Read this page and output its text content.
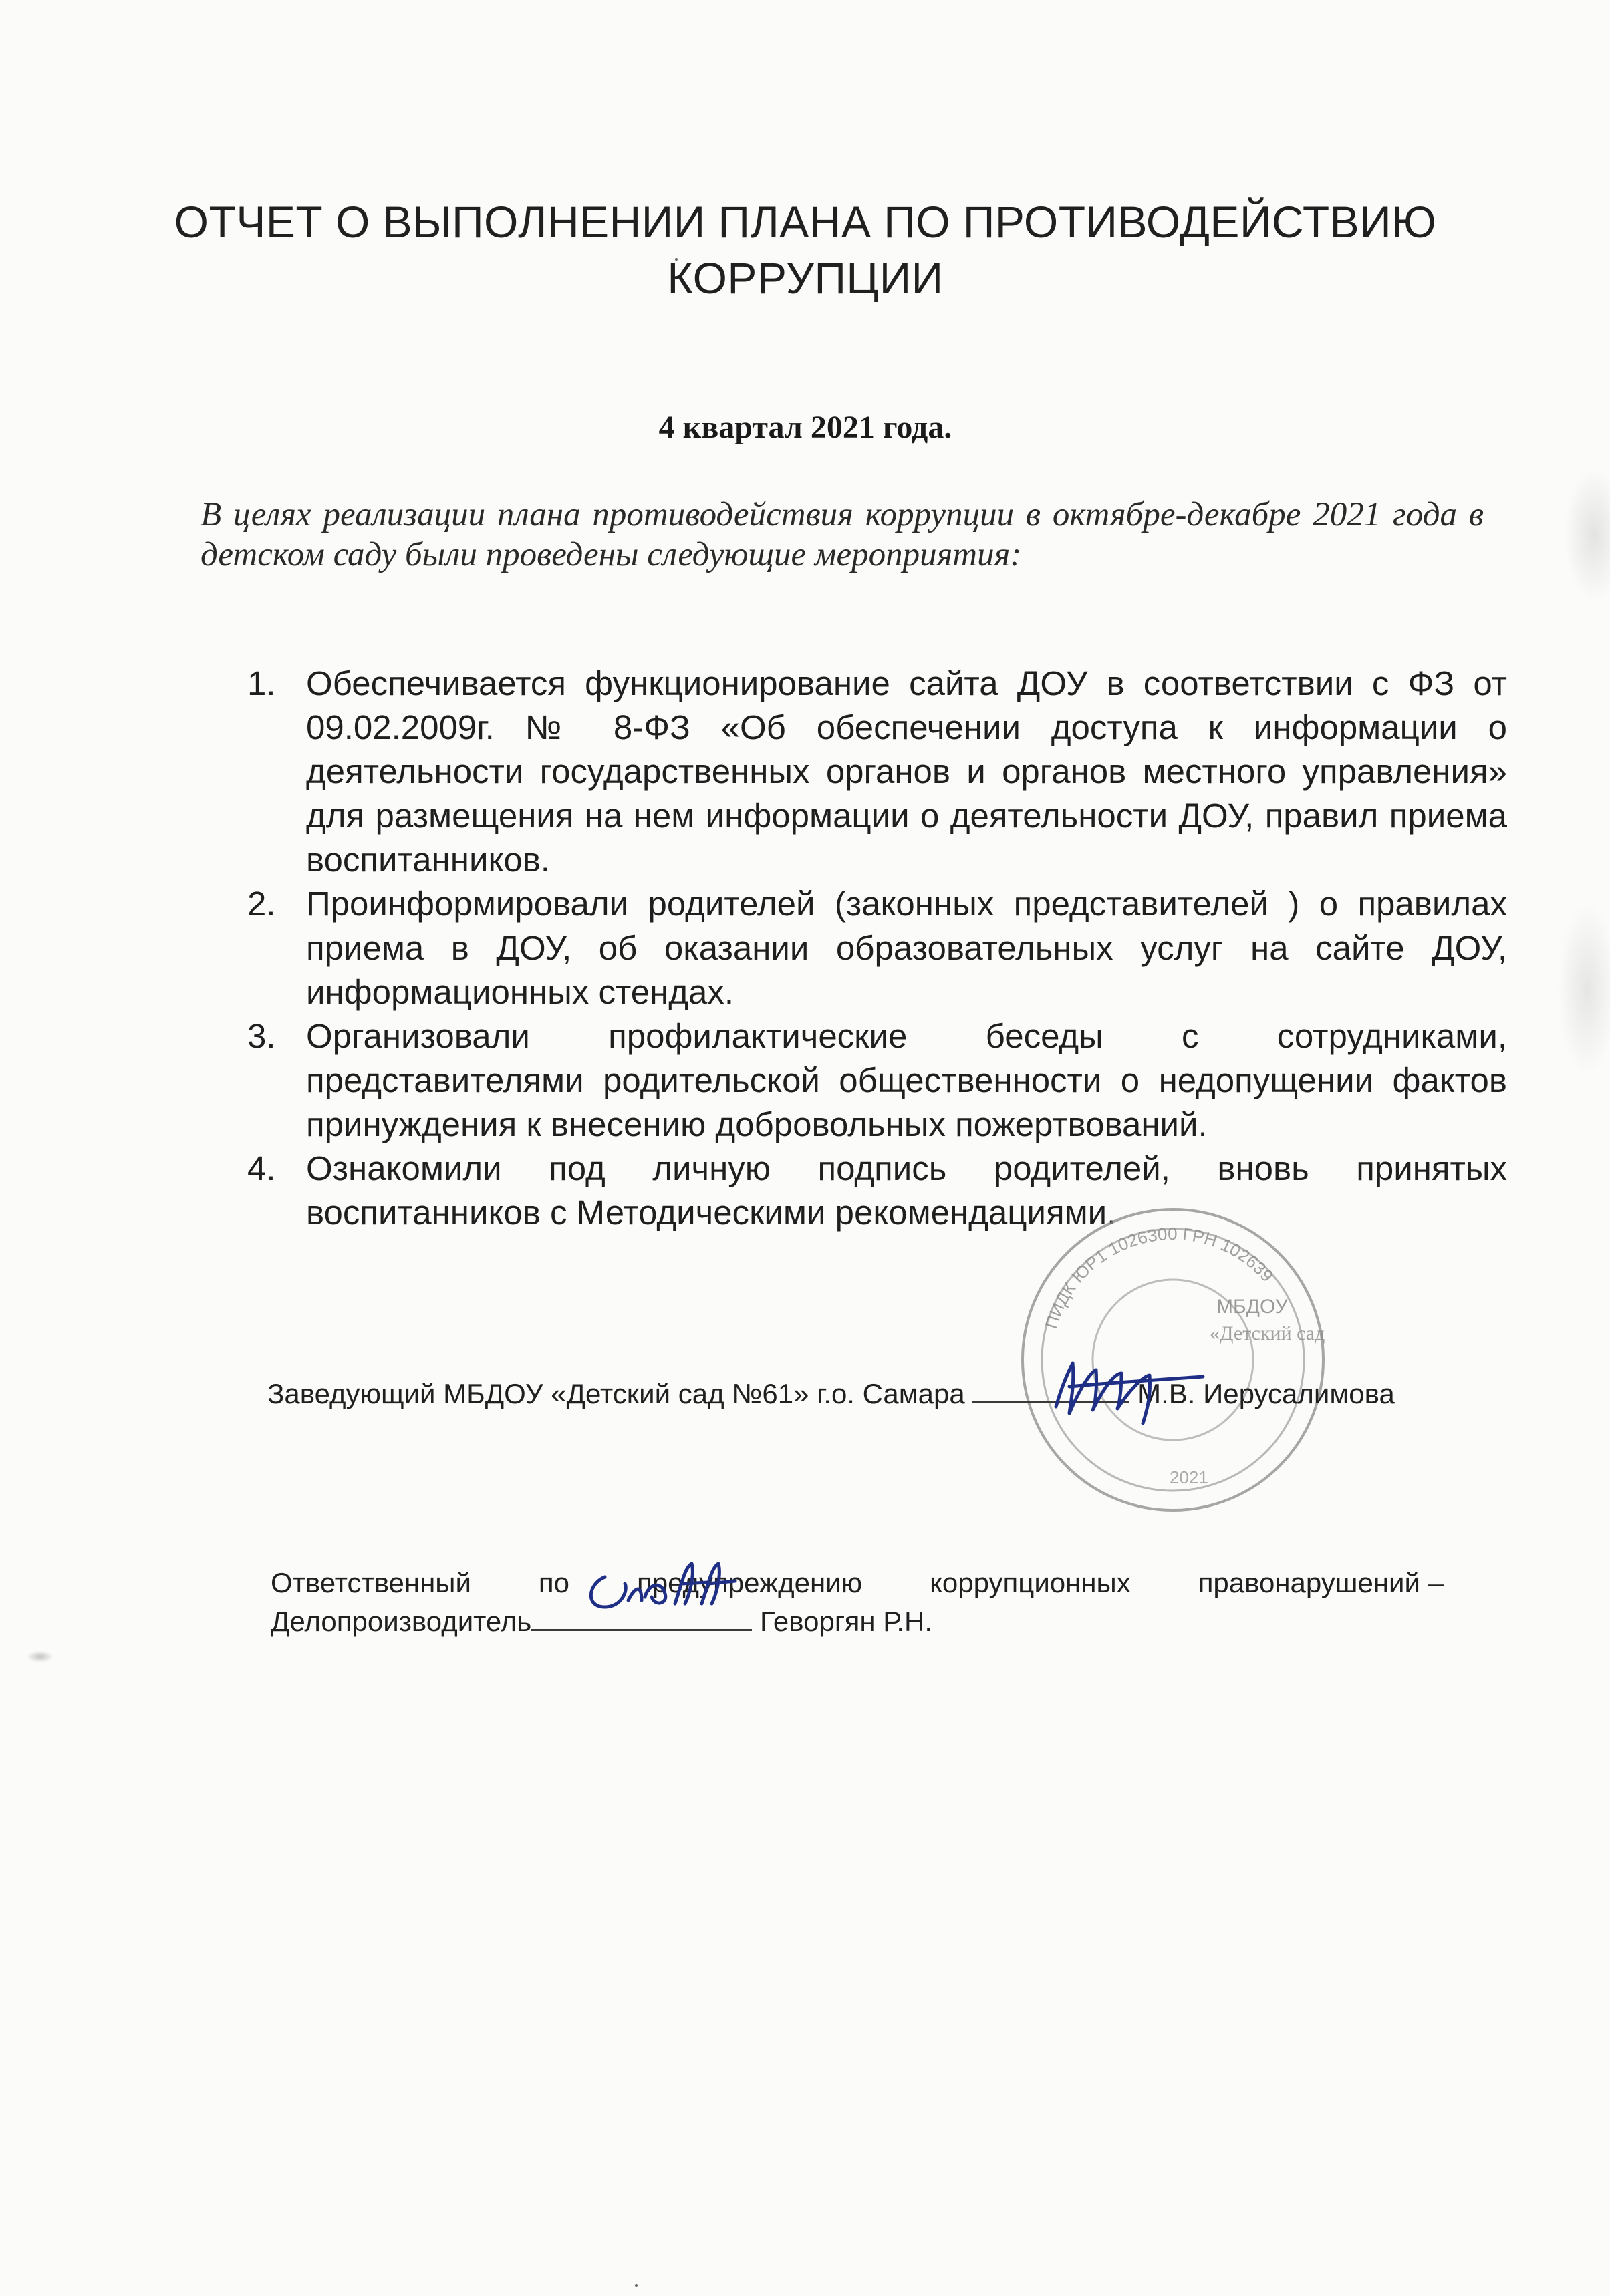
ОТЧЕТ О ВЫПОЛНЕНИИ ПЛАНА ПО ПРОТИВОДЕЙСТВИЮ КОРРУПЦИИ
4 квартал 2021 года.
В целях реализации плана противодействия коррупции в октябре-декабре 2021 года в детском саду были проведены следующие мероприятия:
1. Обеспечивается функционирование сайта ДОУ в соответствии с ФЗ от 09.02.2009г. № 8-ФЗ «Об обеспечении доступа к информации о деятельности государственных органов и органов местного управления» для размещения на нем информации о деятельности ДОУ, правил приема воспитанников.
2. Проинформировали родителей (законных представителей ) о правилах приема в ДОУ, об оказании образовательных услуг на сайте ДОУ, информационных стендах.
3. Организовали профилактические беседы с сотрудниками, представителями родительской общественности о недопущении фактов принуждения к внесению добровольных пожертвований.
4. Ознакомили под личную подпись родителей, вновь принятых воспитанников с Методическими рекомендациями.
ПИДК ЮР1 1026300 ГРН 102639
МБДОУ
«Детский сад
2021
Заведующий МБДОУ «Детский сад №61» г.о. Самара	М.В. Иерусалимова
Ответственный по предупреждению коррупционных правонарушений –
Делопроизводитель	Геворгян Р.Н.
